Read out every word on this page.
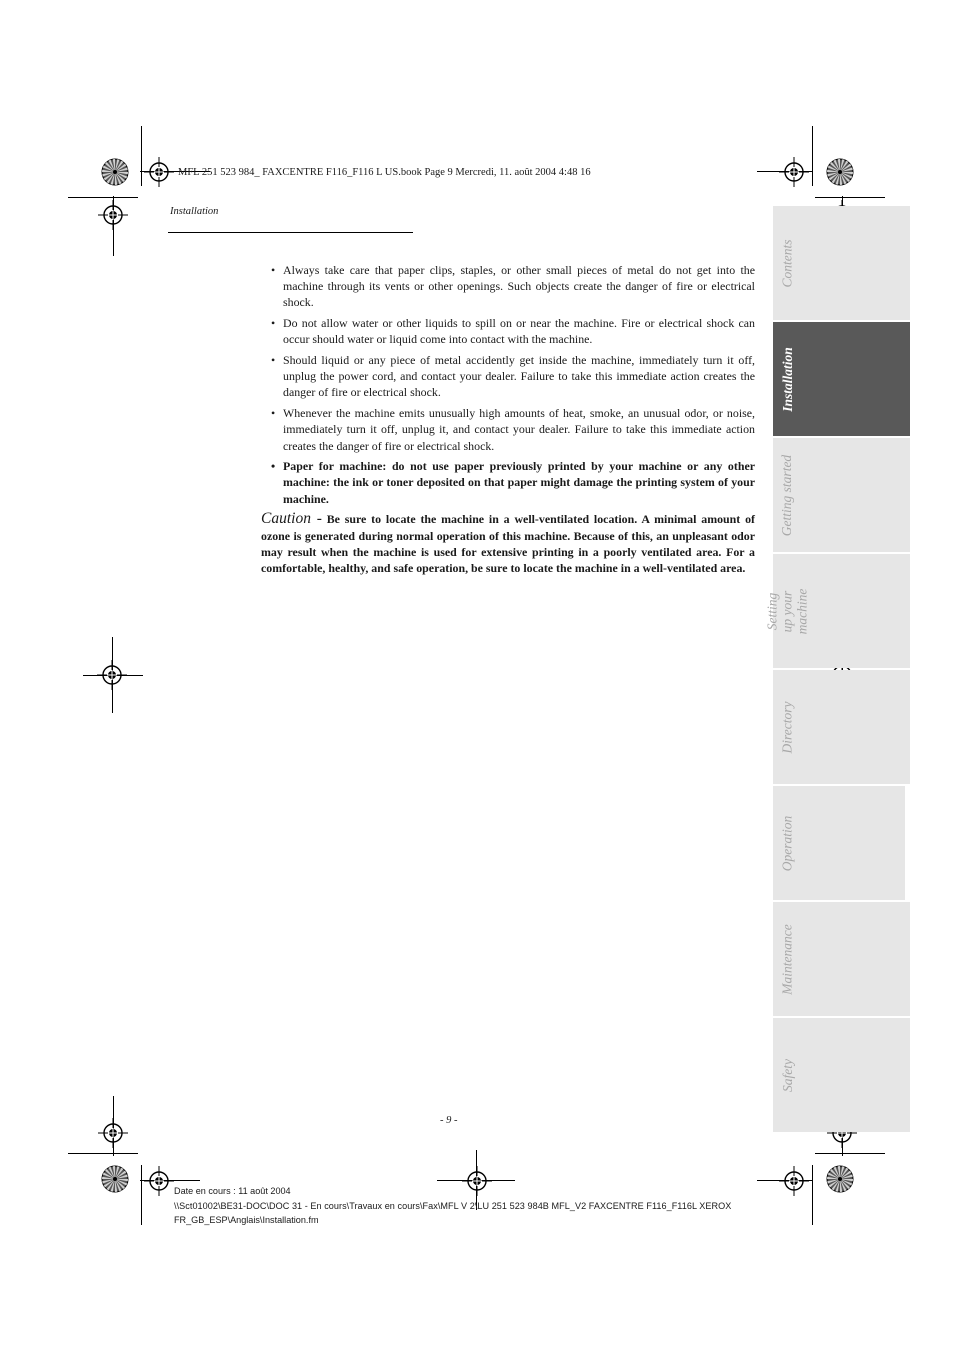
MFL 251 523 984_ FAXCENTRE F116_F116 L US.book Page 9 Mercredi, 11. août 2004 4:48 16
Installation
• Always take care that paper clips, staples, or other small pieces of metal do not get into the machine through its vents or other openings. Such objects create the danger of fire or electrical shock.
• Do not allow water or other liquids to spill on or near the machine. Fire or electrical shock can occur should water or liquid come into contact with the machine.
• Should liquid or any piece of metal accidently get inside the machine, immediately turn it off, unplug the power cord, and contact your dealer. Failure to take this immediate action creates the danger of fire or electrical shock.
• Whenever the machine emits unusually high amounts of heat, smoke, an unusual odor, or noise, immediately turn it off, unplug it, and contact your dealer. Failure to take this immediate action creates the danger of fire or electrical shock.
• Paper for machine: do not use paper previously printed by your machine or any other machine: the ink or toner deposited on that paper might damage the printing system of your machine.
Caution - Be sure to locate the machine in a well-ventilated location. A minimal amount of ozone is generated during normal operation of this machine. Because of this, an unpleasant odor may result when the machine is used for extensive printing in a poorly ventilated area. For a comfortable, healthy, and safe operation, be sure to locate the machine in a well-ventilated area.
Contents
Installation
Getting started
Setting up your
machine
Directory
Operation
Maintenance
Safety
- 9 -
Date en cours : 11 août 2004
\\Sct01002\BE31-DOC\DOC 31 - En cours\Travaux en cours\Fax\MFL V 2\LU 251 523 984B MFL_V2 FAXCENTRE F116_F116L XEROX
FR_GB_ESP\Anglais\Installation.fm
